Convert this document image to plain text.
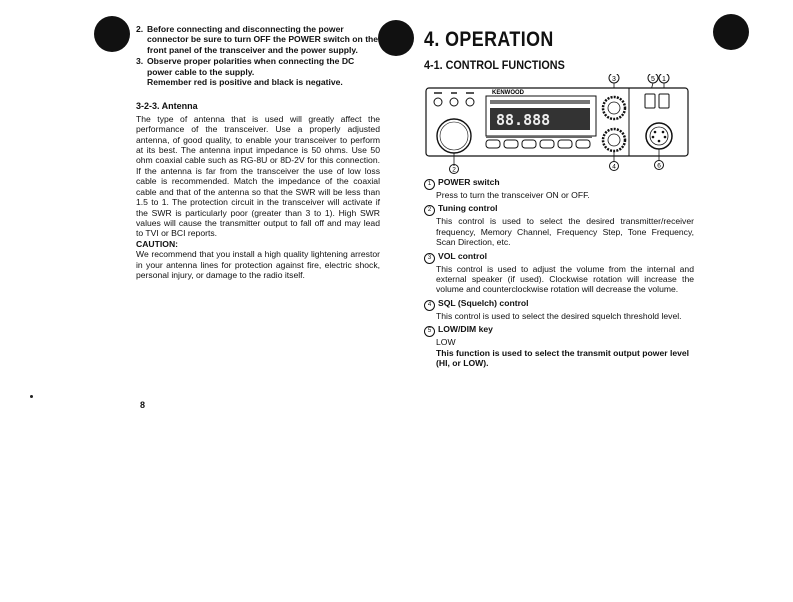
2. Before connecting and disconnecting the power connector be sure to turn OFF the POWER switch on the front panel of the transceiver and the power supply.
3. Observe proper polarities when connecting the DC power cable to the supply.
Remember red is positive and black is negative.
3-2-3. Antenna
The type of antenna that is used will greatly affect the performance of the transceiver. Use a properly adjusted antenna, of good quality, to enable your transceiver to perform at its best. The antenna input impedance is 50 ohms. Use 50 ohm coaxial cable such as RG-8U or 8D-2V for this connection. If the antenna is far from the transceiver the use of low loss cable is recommended. Match the impedance of the coaxial cable and that of the antenna so that the SWR will be less than 1.5 to 1. The protection circuit in the transceiver will activate if the SWR is particularly poor (greater than 3 to 1). High SWR values will cause the transmitter output to fall off and may lead to TVI or BCI reports.
CAUTION:
We recommend that you install a high quality lightening arrestor in your antenna lines for protection against fire, electric shock, personal injury, or damage to the radio itself.
8
4. OPERATION
4-1. CONTROL FUNCTIONS
3	5 1
KENWOOD
88.888
2	4	6
1 POWER switch
Press to turn the transceiver ON or OFF.
2 Tuning control
This control is used to select the desired transmitter/receiver frequency, Memory Channel, Frequency Step, Tone Frequency, Scan Direction, etc.
3 VOL control
This control is used to adjust the volume from the internal and external speaker (if used). Clockwise rotation will increase the volume and counterclockwise rotation will decrease the volume.
4 SQL (Squelch) control
This control is used to select the desired squelch threshold level.
5 LOW/DIM key
LOW
This function is used to select the transmit output power level (HI, or LOW).
